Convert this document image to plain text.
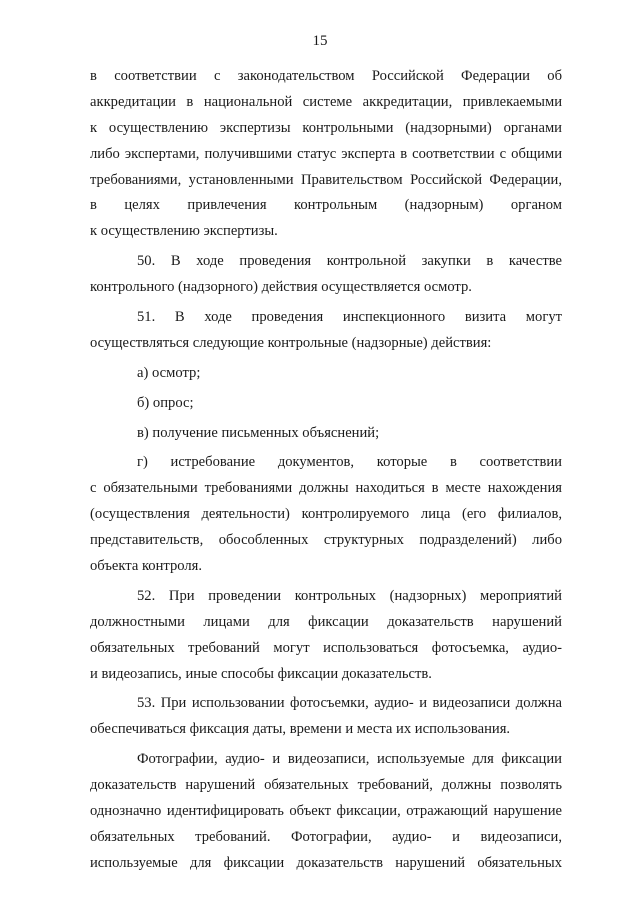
15
в соответствии с законодательством Российской Федерации об
аккредитации в национальной системе аккредитации, привлекаемыми
к осуществлению экспертизы контрольными (надзорными) органами
либо экспертами, получившими статус эксперта в соответствии с общими
требованиями, установленными Правительством Российской Федерации,
в целях привлечения контрольным (надзорным) органом
к осуществлению экспертизы.
50. В ходе проведения контрольной закупки в качестве
контрольного (надзорного) действия осуществляется осмотр.
51. В ходе проведения инспекционного визита могут
осуществляться следующие контрольные (надзорные) действия:
а) осмотр;
б) опрос;
в) получение письменных объяснений;
г) истребование документов, которые в соответствии
с обязательными требованиями должны находиться в месте нахождения
(осуществления деятельности) контролируемого лица (его филиалов,
представительств, обособленных структурных подразделений) либо
объекта контроля.
52. При проведении контрольных (надзорных) мероприятий
должностными лицами для фиксации доказательств нарушений
обязательных требований могут использоваться фотосъемка, аудио-
и видеозапись, иные способы фиксации доказательств.
53. При использовании фотосъемки, аудио- и видеозаписи должна
обеспечиваться фиксация даты, времени и места их использования.
Фотографии, аудио- и видеозаписи, используемые для фиксации
доказательств нарушений обязательных требований, должны позволять
однозначно идентифицировать объект фиксации, отражающий нарушение
обязательных требований. Фотографии, аудио- и видеозаписи,
используемые для фиксации доказательств нарушений обязательных
